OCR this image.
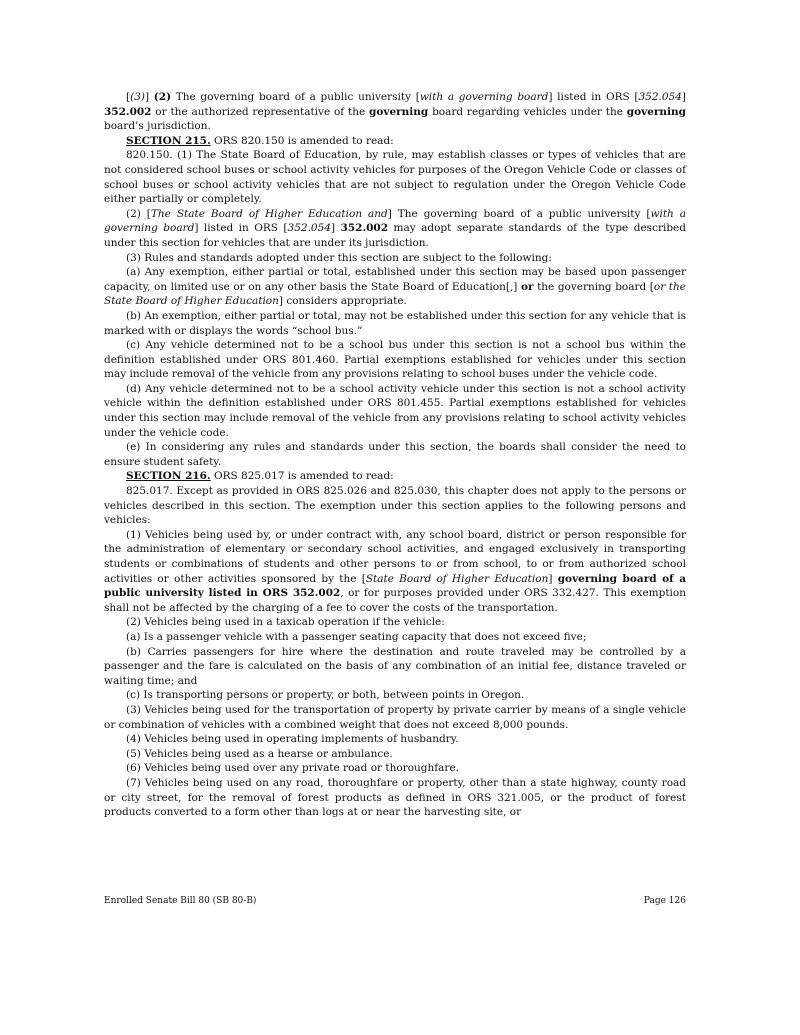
[(3)] (2) The governing board of a public university [with a governing board] listed in ORS [352.054] 352.002 or the authorized representative of the governing board regarding vehicles under the governing board’s jurisdiction.

SECTION 215. ORS 820.150 is amended to read:

820.150. (1) The State Board of Education, by rule, may establish classes or types of vehicles that are not considered school buses or school activity vehicles for purposes of the Oregon Vehicle Code or classes of school buses or school activity vehicles that are not subject to regulation under the Oregon Vehicle Code either partially or completely.

(2) [The State Board of Higher Education and] The governing board of a public university [with a governing board] listed in ORS [352.054] 352.002 may adopt separate standards of the type described under this section for vehicles that are under its jurisdiction.

(3) Rules and standards adopted under this section are subject to the following:

(a) Any exemption, either partial or total, established under this section may be based upon passenger capacity, on limited use or on any other basis the State Board of Education[,] or the governing board [or the State Board of Higher Education] considers appropriate.

(b) An exemption, either partial or total, may not be established under this section for any vehicle that is marked with or displays the words “school bus.”

(c) Any vehicle determined not to be a school bus under this section is not a school bus within the definition established under ORS 801.460. Partial exemptions established for vehicles under this section may include removal of the vehicle from any provisions relating to school buses under the vehicle code.

(d) Any vehicle determined not to be a school activity vehicle under this section is not a school activity vehicle within the definition established under ORS 801.455. Partial exemptions established for vehicles under this section may include removal of the vehicle from any provisions relating to school activity vehicles under the vehicle code.

(e) In considering any rules and standards under this section, the boards shall consider the need to ensure student safety.

SECTION 216. ORS 825.017 is amended to read:

825.017. Except as provided in ORS 825.026 and 825.030, this chapter does not apply to the persons or vehicles described in this section. The exemption under this section applies to the following persons and vehicles:

(1) Vehicles being used by, or under contract with, any school board, district or person responsible for the administration of elementary or secondary school activities, and engaged exclusively in transporting students or combinations of students and other persons to or from school, to or from authorized school activities or other activities sponsored by the [State Board of Higher Education] governing board of a public university listed in ORS 352.002, or for purposes provided under ORS 332.427. This exemption shall not be affected by the charging of a fee to cover the costs of the transportation.

(2) Vehicles being used in a taxicab operation if the vehicle:

(a) Is a passenger vehicle with a passenger seating capacity that does not exceed five;

(b) Carries passengers for hire where the destination and route traveled may be controlled by a passenger and the fare is calculated on the basis of any combination of an initial fee, distance traveled or waiting time; and

(c) Is transporting persons or property, or both, between points in Oregon.

(3) Vehicles being used for the transportation of property by private carrier by means of a single vehicle or combination of vehicles with a combined weight that does not exceed 8,000 pounds.

(4) Vehicles being used in operating implements of husbandry.

(5) Vehicles being used as a hearse or ambulance.

(6) Vehicles being used over any private road or thoroughfare.

(7) Vehicles being used on any road, thoroughfare or property, other than a state highway, county road or city street, for the removal of forest products as defined in ORS 321.005, or the product of forest products converted to a form other than logs at or near the harvesting site, or

Enrolled Senate Bill 80 (SB 80-B)	Page 126
